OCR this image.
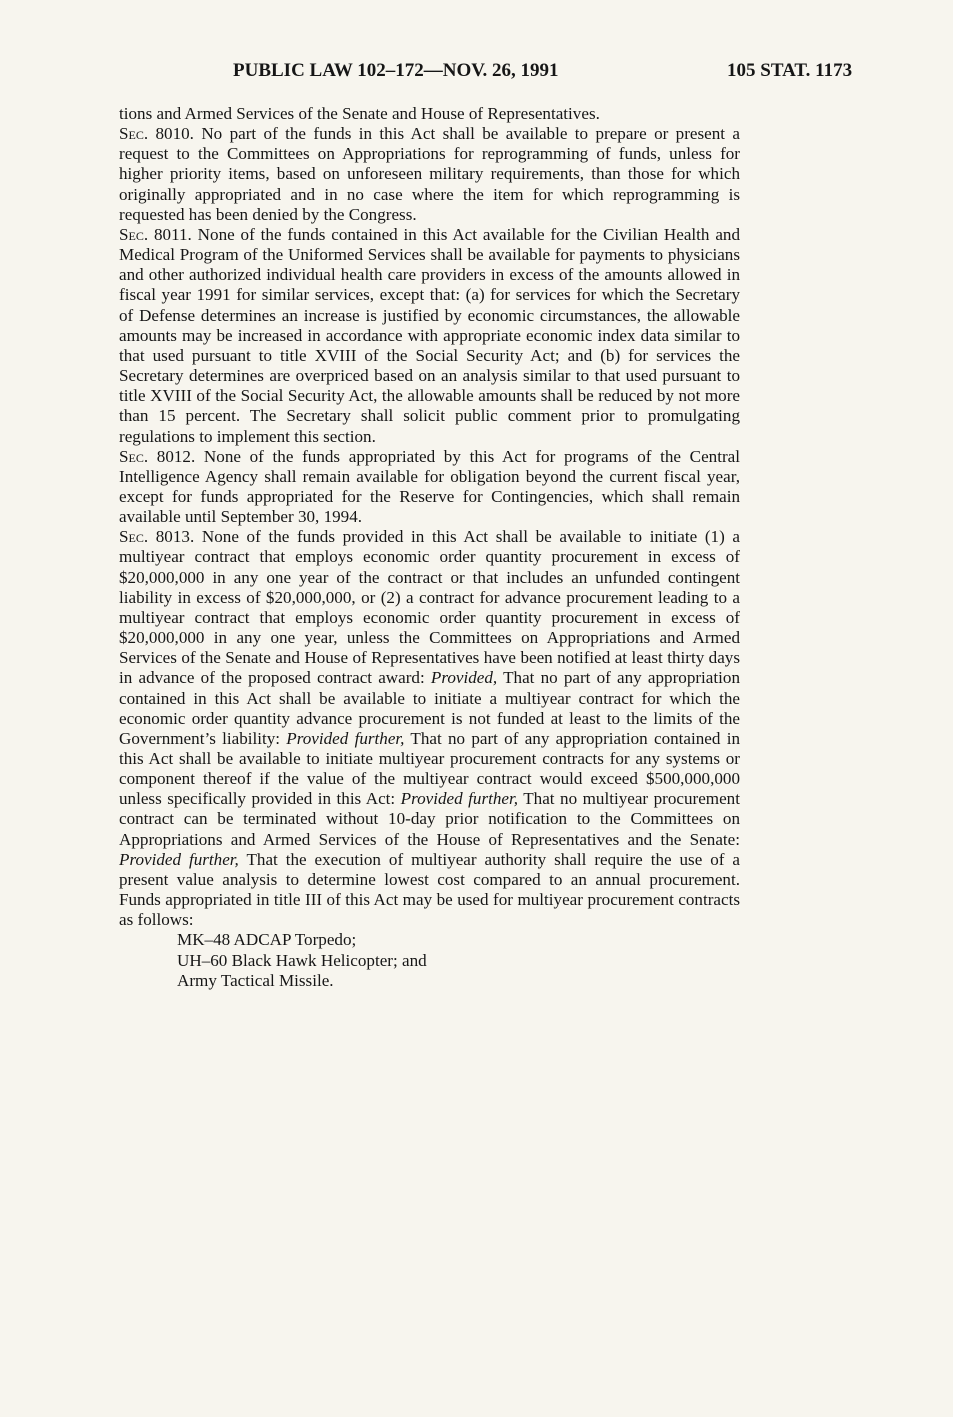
PUBLIC LAW 102–172—NOV. 26, 1991	105 STAT. 1173

tions and Armed Services of the Senate and House of Representatives.

Sec. 8010. No part of the funds in this Act shall be available to prepare or present a request to the Committees on Appropriations for reprogramming of funds, unless for higher priority items, based on unforeseen military requirements, than those for which originally appropriated and in no case where the item for which reprogramming is requested has been denied by the Congress.

Sec. 8011. None of the funds contained in this Act available for the Civilian Health and Medical Program of the Uniformed Services shall be available for payments to physicians and other authorized individual health care providers in excess of the amounts allowed in fiscal year 1991 for similar services, except that: (a) for services for which the Secretary of Defense determines an increase is justified by economic circumstances, the allowable amounts may be increased in accordance with appropriate economic index data similar to that used pursuant to title XVIII of the Social Security Act; and (b) for services the Secretary determines are overpriced based on an analysis similar to that used pursuant to title XVIII of the Social Security Act, the allowable amounts shall be reduced by not more than 15 percent. The Secretary shall solicit public comment prior to promulgating regulations to implement this section.

Sec. 8012. None of the funds appropriated by this Act for programs of the Central Intelligence Agency shall remain available for obligation beyond the current fiscal year, except for funds appropriated for the Reserve for Contingencies, which shall remain available until September 30, 1994.

Sec. 8013. None of the funds provided in this Act shall be available to initiate (1) a multiyear contract that employs economic order quantity procurement in excess of $20,000,000 in any one year of the contract or that includes an unfunded contingent liability in excess of $20,000,000, or (2) a contract for advance procurement leading to a multiyear contract that employs economic order quantity procurement in excess of $20,000,000 in any one year, unless the Committees on Appropriations and Armed Services of the Senate and House of Representatives have been notified at least thirty days in advance of the proposed contract award: Provided, That no part of any appropriation contained in this Act shall be available to initiate a multiyear contract for which the economic order quantity advance procurement is not funded at least to the limits of the Government’s liability: Provided further, That no part of any appropriation contained in this Act shall be available to initiate multiyear procurement contracts for any systems or component thereof if the value of the multiyear contract would exceed $500,000,000 unless specifically provided in this Act: Provided further, That no multiyear procurement contract can be terminated without 10-day prior notification to the Committees on Appropriations and Armed Services of the House of Representatives and the Senate: Provided further, That the execution of multiyear authority shall require the use of a present value analysis to determine lowest cost compared to an annual procurement. Funds appropriated in title III of this Act may be used for multiyear procurement contracts as follows:

MK–48 ADCAP Torpedo;
UH–60 Black Hawk Helicopter; and
Army Tactical Missile.
